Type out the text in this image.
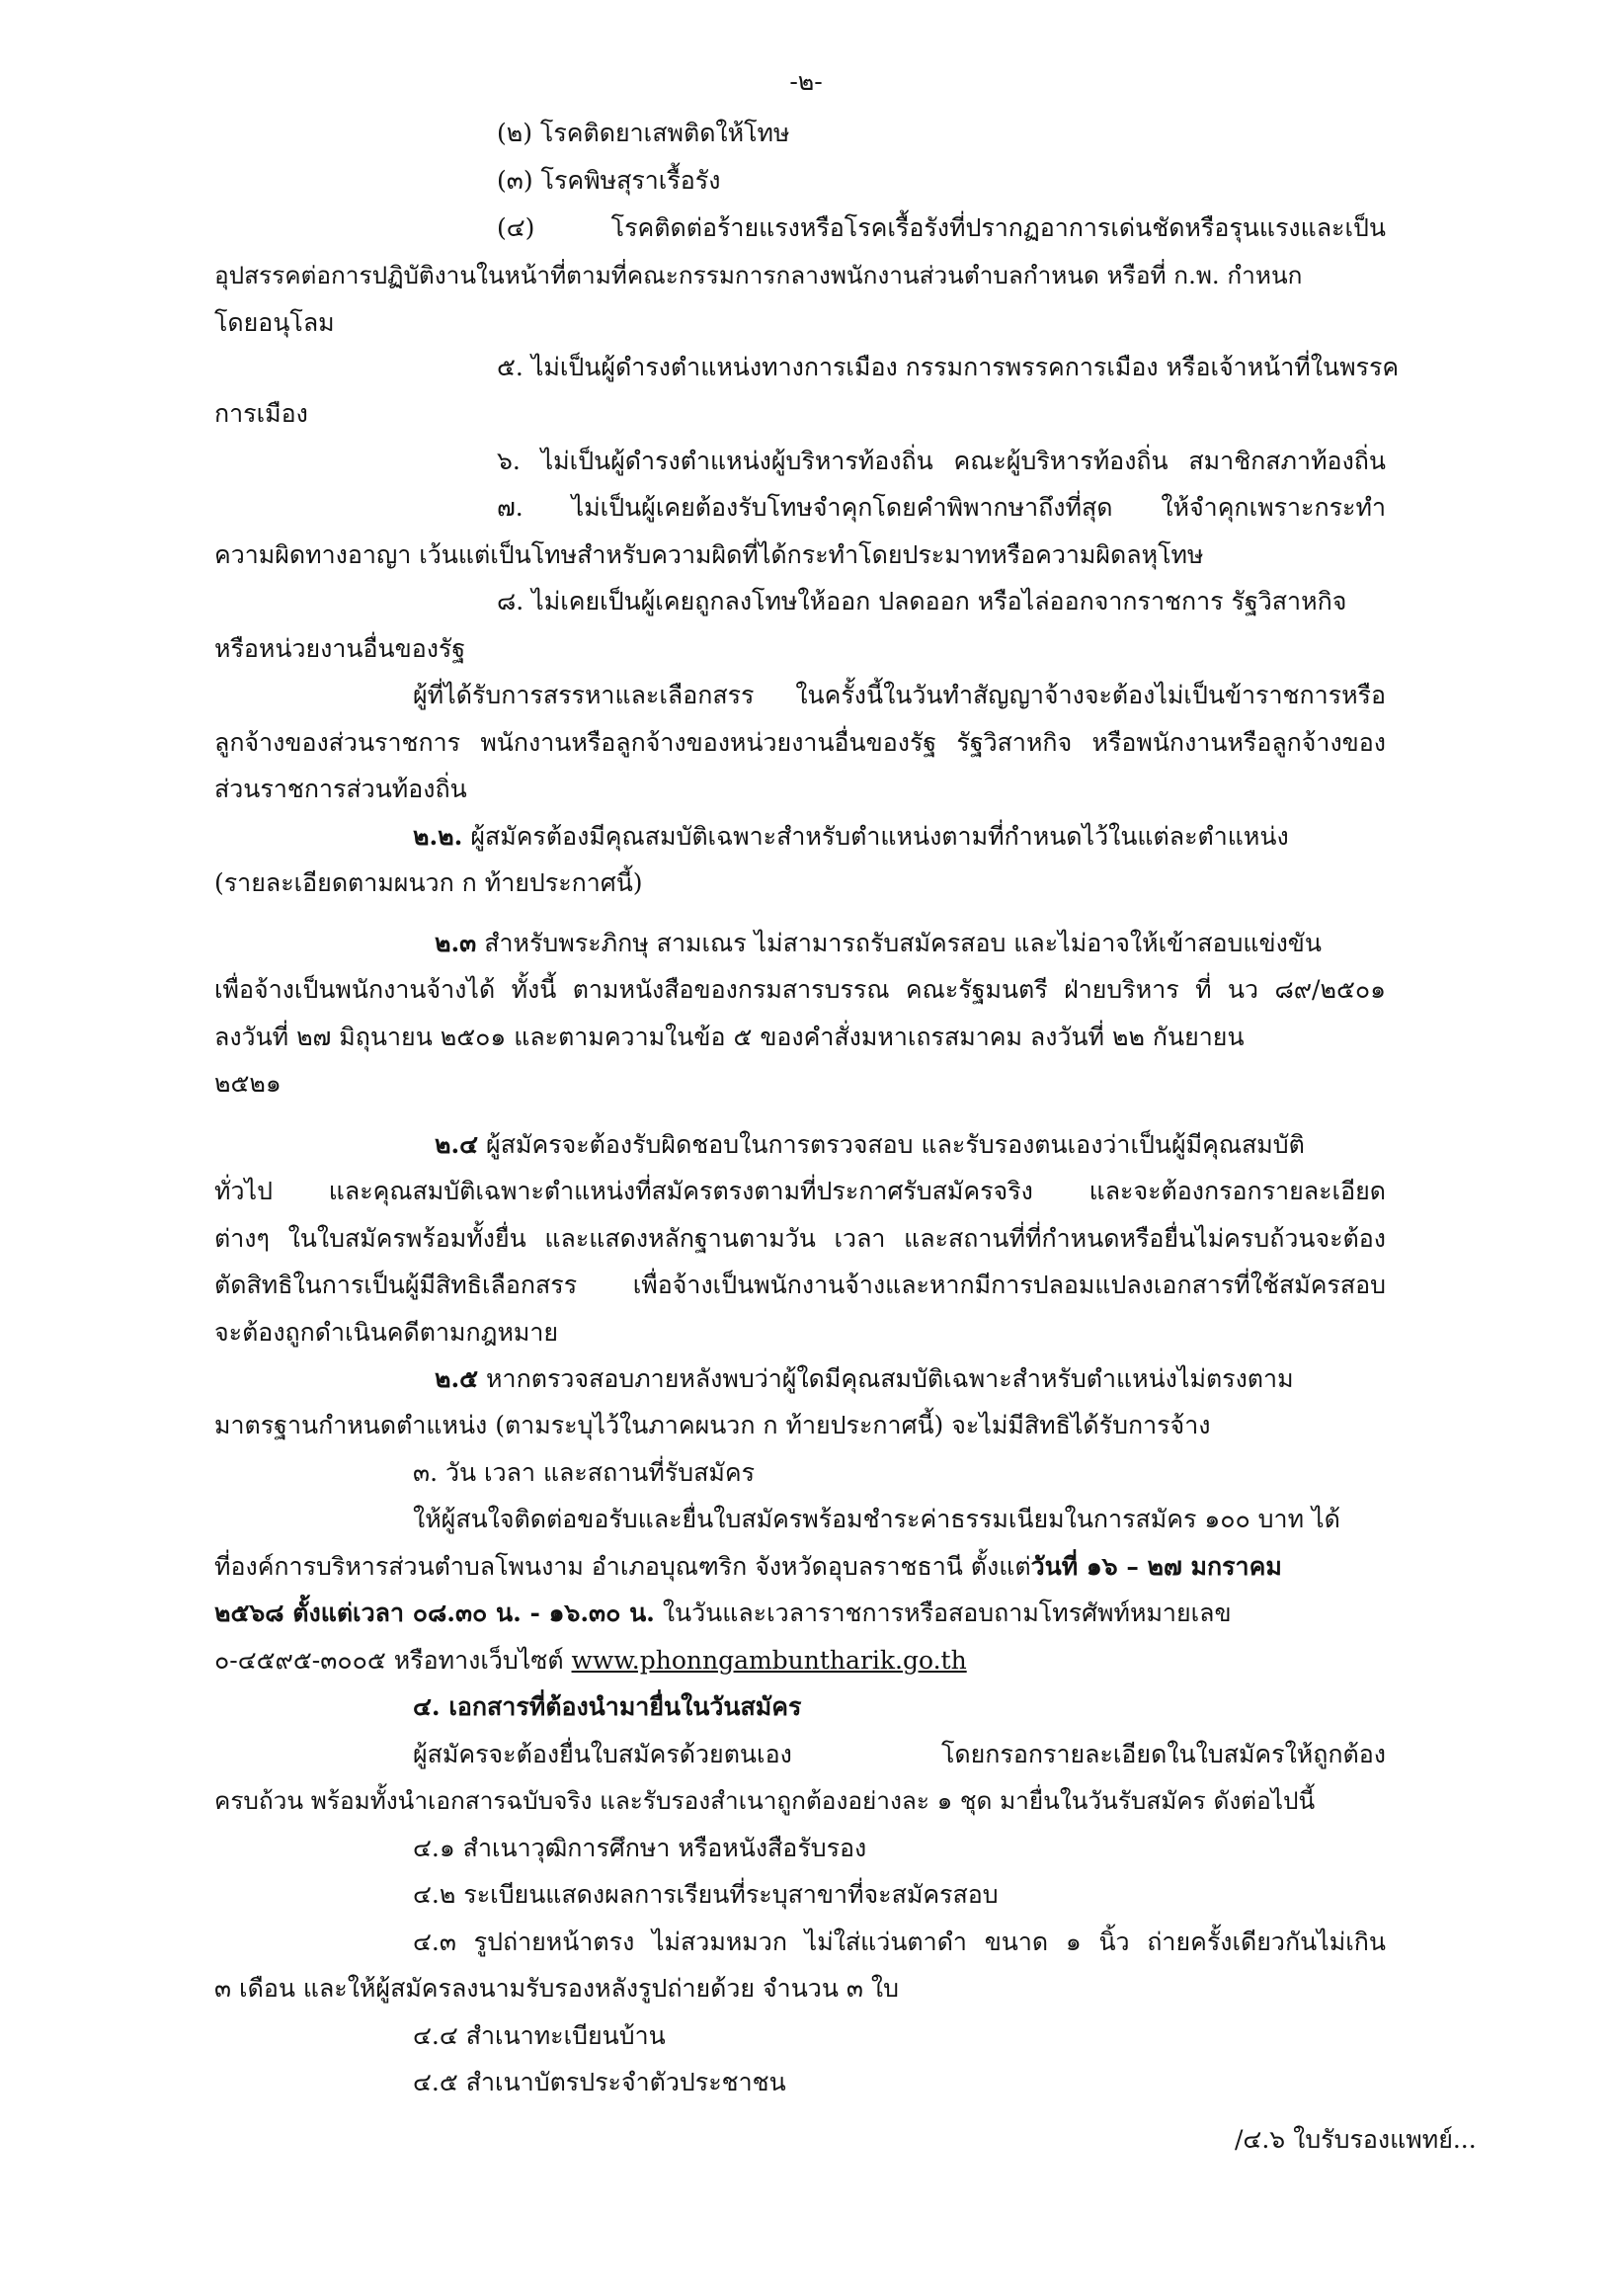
-๒-

(๒) โรคติดยาเสพติดให้โทษ

(๓) โรคพิษสุราเรื้อรัง

(๔) โรคติดต่อร้ายแรงหรือโรคเรื้อรังที่ปรากฏอาการเด่นชัดหรือรุนแรงและเป็น

อุปสรรคต่อการปฏิบัติงานในหน้าที่ตามที่คณะกรรมการกลางพนักงานส่วนตำบลกำหนด หรือที่ ก.พ. กำหนก

โดยอนุโลม

๕. ไม่เป็นผู้ดำรงตำแหน่งทางการเมือง กรรมการพรรคการเมือง หรือเจ้าหน้าที่ในพรรค

การเมือง

๖. ไม่เป็นผู้ดำรงตำแหน่งผู้บริหารท้องถิ่น คณะผู้บริหารท้องถิ่น สมาชิกสภาท้องถิ่น

๗. ไม่เป็นผู้เคยต้องรับโทษจำคุกโดยคำพิพากษาถึงที่สุด ให้จำคุกเพราะกระทำ

ความผิดทางอาญา เว้นแต่เป็นโทษสำหรับความผิดที่ได้กระทำโดยประมาทหรือความผิดลหุโทษ

๘. ไม่เคยเป็นผู้เคยถูกลงโทษให้ออก ปลดออก หรือไล่ออกจากราชการ รัฐวิสาหกิจ

หรือหน่วยงานอื่นของรัฐ

ผู้ที่ได้รับการสรรหาและเลือกสรร ในครั้งนี้ในวันทำสัญญาจ้างจะต้องไม่เป็นข้าราชการหรือ

ลูกจ้างของส่วนราชการ พนักงานหรือลูกจ้างของหน่วยงานอื่นของรัฐ รัฐวิสาหกิจ หรือพนักงานหรือลูกจ้างของ

ส่วนราชการส่วนท้องถิ่น

๒.๒. ผู้สมัครต้องมีคุณสมบัติเฉพาะสำหรับตำแหน่งตามที่กำหนดไว้ในแต่ละตำแหน่ง

(รายละเอียดตามผนวก ก ท้ายประกาศนี้)

๒.๓ สำหรับพระภิกษุ สามเณร ไม่สามารถรับสมัครสอบ และไม่อาจให้เข้าสอบแข่งขัน

เพื่อจ้างเป็นพนักงานจ้างได้ ทั้งนี้ ตามหนังสือของกรมสารบรรณ คณะรัฐมนตรี ฝ่ายบริหาร ที่ นว ๘๙/๒๕๐๑

ลงวันที่ ๒๗ มิถุนายน ๒๕๐๑ และตามความในข้อ ๕ ของคำสั่งมหาเถรสมาคม ลงวันที่ ๒๒ กันยายน

๒๕๒๑

๒.๔ ผู้สมัครจะต้องรับผิดชอบในการตรวจสอบ และรับรองตนเองว่าเป็นผู้มีคุณสมบัติ

ทั่วไป และคุณสมบัติเฉพาะตำแหน่งที่สมัครตรงตามที่ประกาศรับสมัครจริง และจะต้องกรอกรายละเอียด

ต่างๆ ในใบสมัครพร้อมทั้งยื่น และแสดงหลักฐานตามวัน เวลา และสถานที่ที่กำหนดหรือยื่นไม่ครบถ้วนจะต้อง

ตัดสิทธิในการเป็นผู้มีสิทธิเลือกสรร เพื่อจ้างเป็นพนักงานจ้างและหากมีการปลอมแปลงเอกสารที่ใช้สมัครสอบ

จะต้องถูกดำเนินคดีตามกฎหมาย

๒.๕ หากตรวจสอบภายหลังพบว่าผู้ใดมีคุณสมบัติเฉพาะสำหรับตำแหน่งไม่ตรงตาม

มาตรฐานกำหนดตำแหน่ง (ตามระบุไว้ในภาคผนวก ก ท้ายประกาศนี้) จะไม่มีสิทธิได้รับการจ้าง

๓. วัน เวลา และสถานที่รับสมัคร

ให้ผู้สนใจติดต่อขอรับและยื่นใบสมัครพร้อมชำระค่าธรรมเนียมในการสมัคร ๑๐๐ บาท ได้

ที่องค์การบริหารส่วนตำบลโพนงาม อำเภอบุณฑริก จังหวัดอุบลราชธานี ตั้งแต่วันที่ ๑๖ – ๒๗ มกราคม

๒๕๖๘ ตั้งแต่เวลา ๐๘.๓๐ น. - ๑๖.๓๐ น. ในวันและเวลาราชการหรือสอบถามโทรศัพท์หมายเลข

๐-๔๕๙๕-๓๐๐๕ หรือทางเว็บไซต์ www.phonngambuntharik.go.th

๔. เอกสารที่ต้องนำมายื่นในวันสมัคร

ผู้สมัครจะต้องยื่นใบสมัครด้วยตนเอง โดยกรอกรายละเอียดในใบสมัครให้ถูกต้อง

ครบถ้วน พร้อมทั้งนำเอกสารฉบับจริง และรับรองสำเนาถูกต้องอย่างละ ๑ ชุด มายื่นในวันรับสมัคร ดังต่อไปนี้

๔.๑ สำเนาวุฒิการศึกษา หรือหนังสือรับรอง

๔.๒ ระเบียนแสดงผลการเรียนที่ระบุสาขาที่จะสมัครสอบ

๔.๓ รูปถ่ายหน้าตรง ไม่สวมหมวก ไม่ใส่แว่นตาดำ ขนาด ๑ นิ้ว ถ่ายครั้งเดียวกันไม่เกิน

๓ เดือน และให้ผู้สมัครลงนามรับรองหลังรูปถ่ายด้วย จำนวน ๓ ใบ

๔.๔ สำเนาทะเบียนบ้าน

๔.๕ สำเนาบัตรประจำตัวประชาชน

/๔.๖ ใบรับรองแพทย์...
